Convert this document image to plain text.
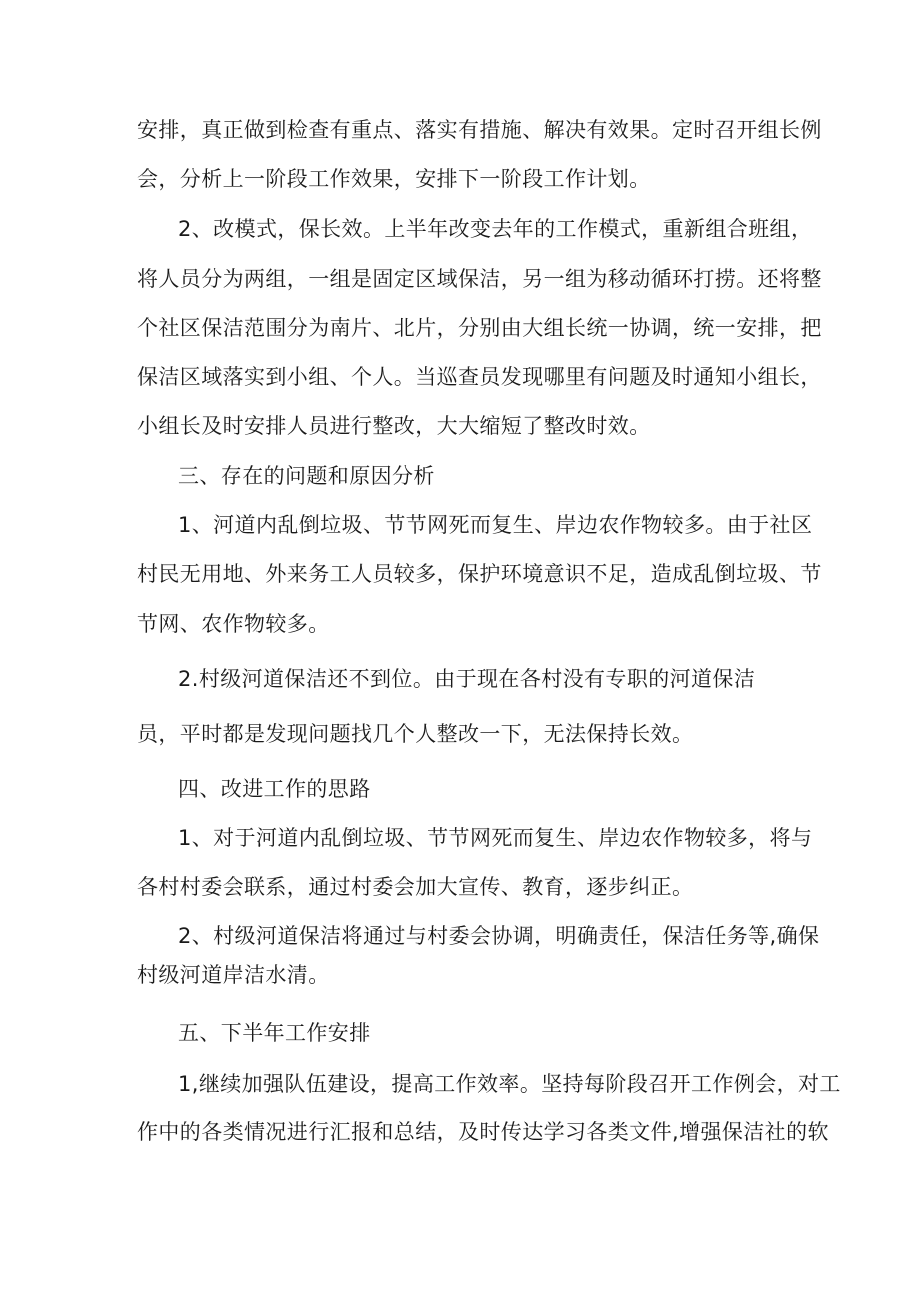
安排，真正做到检查有重点、落实有措施、解决有效果。定时召开组长例
会，分析上一阶段工作效果，安排下一阶段工作计划。
2、改模式，保长效。上半年改变去年的工作模式，重新组合班组，
将人员分为两组，一组是固定区域保洁，另一组为移动循环打捞。还将整
个社区保洁范围分为南片、北片，分别由大组长统一协调，统一安排，把
保洁区域落实到小组、个人。当巡查员发现哪里有问题及时通知小组长，
小组长及时安排人员进行整改，大大缩短了整改时效。
三、存在的问题和原因分析
1、河道内乱倒垃圾、节节网死而复生、岸边农作物较多。由于社区
村民无用地、外来务工人员较多，保护环境意识不足，造成乱倒垃圾、节
节网、农作物较多。
2.村级河道保洁还不到位。由于现在各村没有专职的河道保洁
员，平时都是发现问题找几个人整改一下，无法保持长效。
四、改进工作的思路
1、对于河道内乱倒垃圾、节节网死而复生、岸边农作物较多，将与
各村村委会联系，通过村委会加大宣传、教育，逐步纠正。
2、村级河道保洁将通过与村委会协调，明确责任，保洁任务等,确保
村级河道岸洁水清。
五、下半年工作安排
1,继续加强队伍建设，提高工作效率。坚持每阶段召开工作例会，对工
作中的各类情况进行汇报和总结，及时传达学习各类文件,增强保洁社的软
